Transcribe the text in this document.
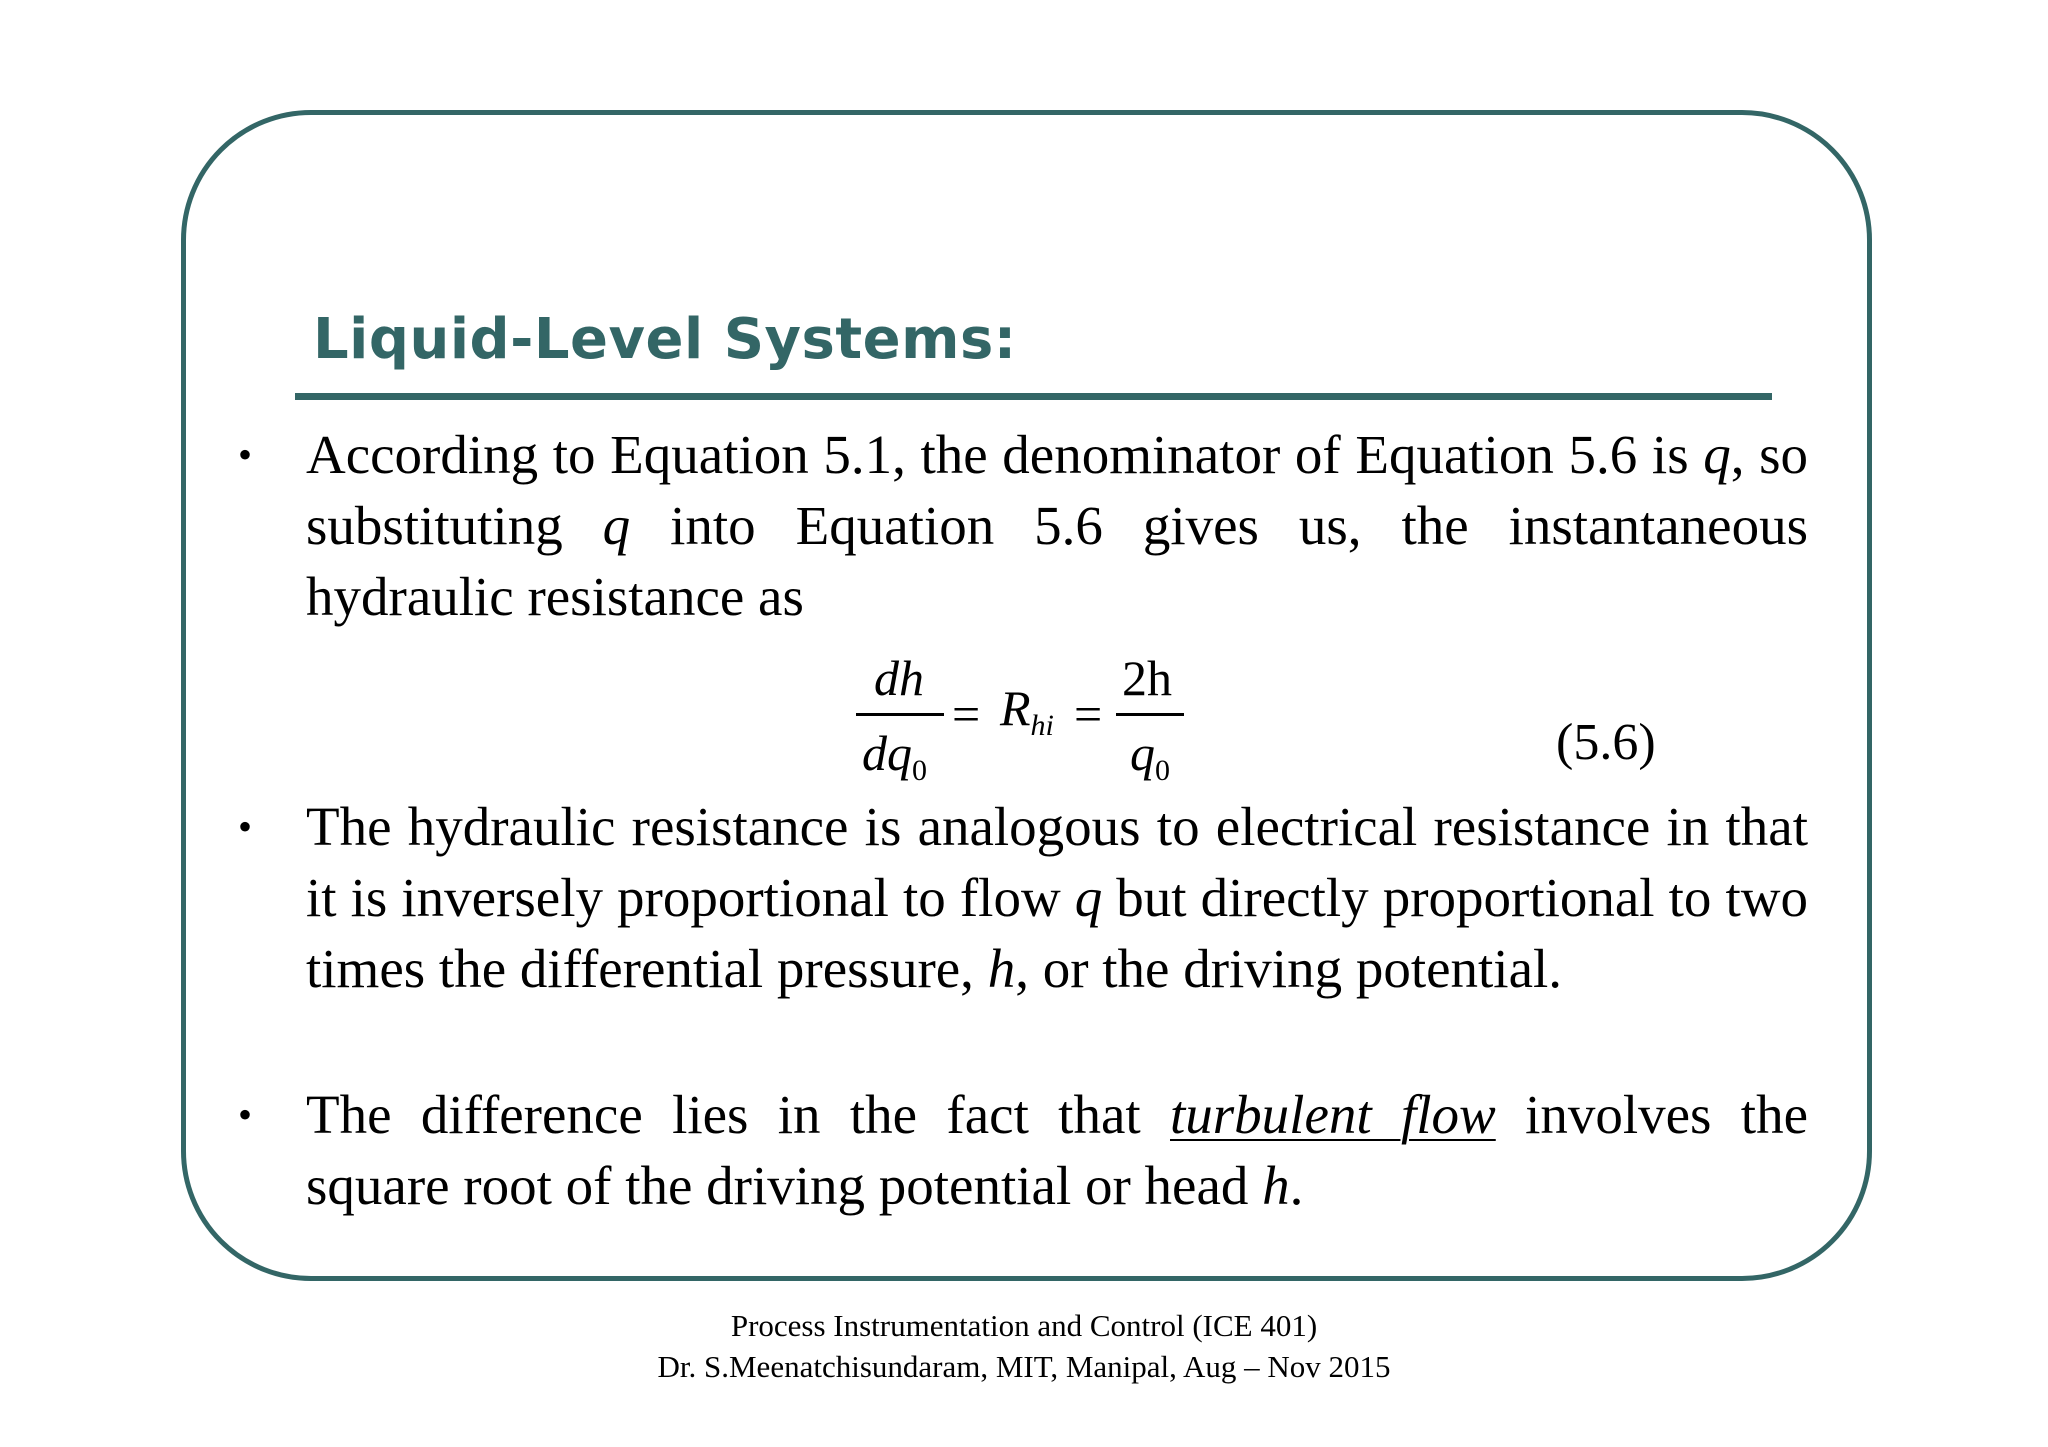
Liquid-Level Systems:
• According to Equation 5.1, the denominator of Equation 5.6 is q, so substituting q into Equation 5.6 gives us, the instantaneous hydraulic resistance as
dh
$dq_0$
= $R_{hi}$ =
2h
$q_0$	(5.6)
• The hydraulic resistance is analogous to electrical resistance in that it is inversely proportional to flow q but directly proportional to two times the differential pressure, h, or the driving potential.
• The difference lies in the fact that turbulent flow involves the square root of the driving potential or head h.
Process Instrumentation and Control (ICE 401)
Dr. S.Meenatchisundaram, MIT, Manipal, Aug – Nov 2015
